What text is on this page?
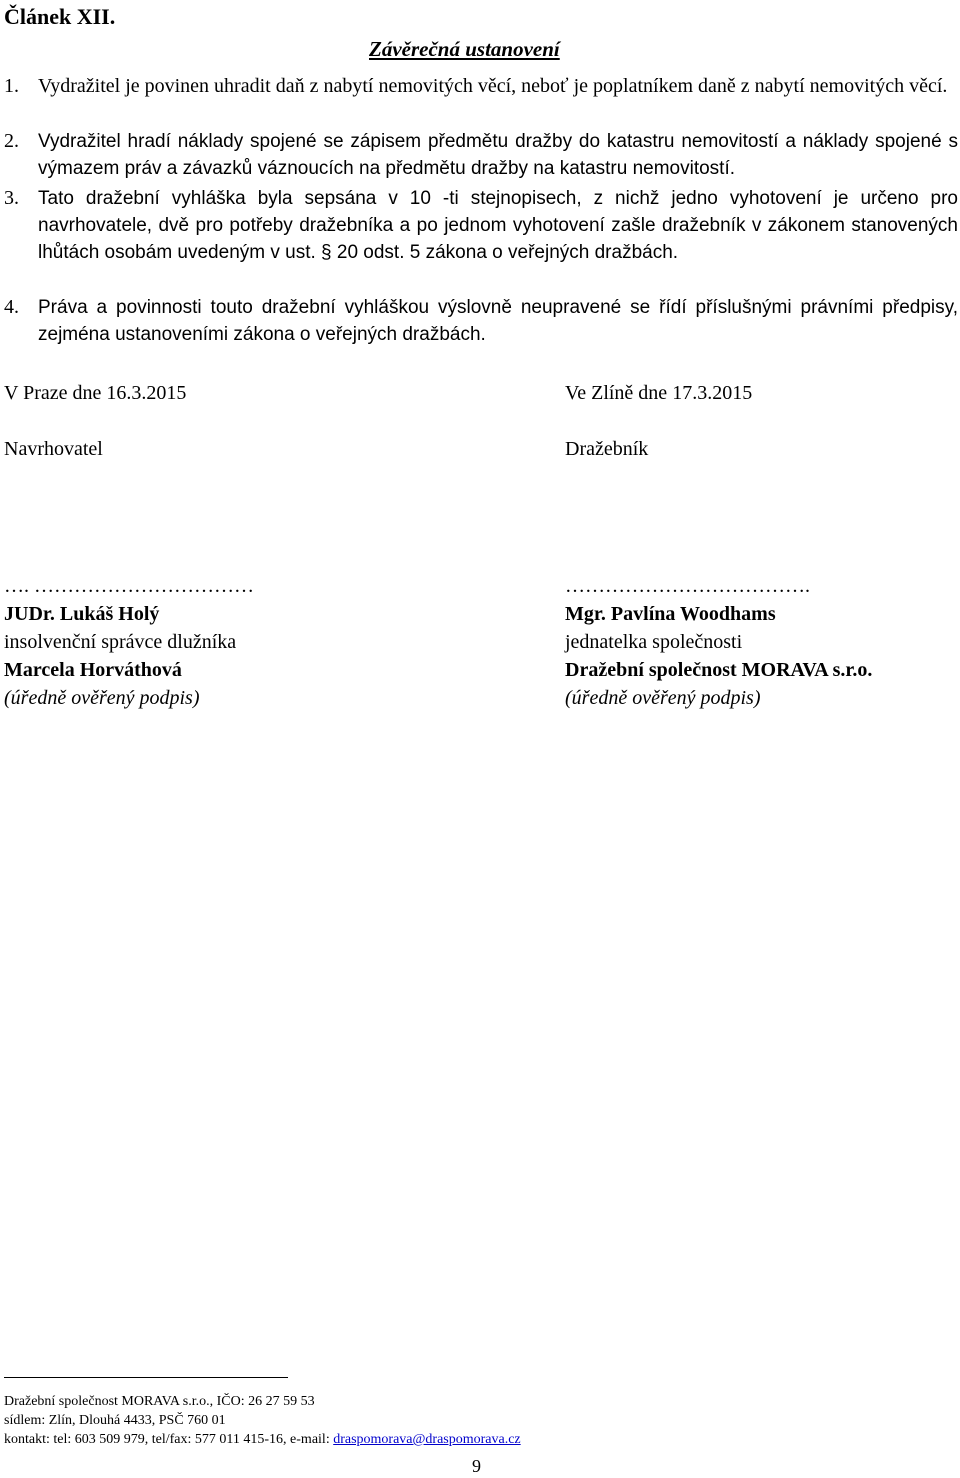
Článek XII.
Závěrečná ustanovení
1. Vydražitel je povinen uhradit daň z nabytí nemovitých věcí, neboť je poplatníkem daně z nabytí nemovitých věcí.
2. Vydražitel hradí náklady spojené se zápisem předmětu dražby do katastru nemovitostí a náklady spojené s výmazem práv a závazků váznoucích na předmětu dražby na katastru nemovitostí.
3. Tato dražební vyhláška byla sepsána v 10 -ti stejnopisech, z nichž jedno vyhotovení je určeno pro navrhovatele, dvě pro potřeby dražebníka a po jednom vyhotovení zašle dražebník v zákonem stanovených lhůtách osobám uvedeným v ust. § 20 odst. 5 zákona o veřejných dražbách.
4. Práva a povinnosti touto dražební vyhláškou výslovně neupravené se řídí příslušnými právními předpisy, zejména ustanoveními zákona o veřejných dražbách.
V Praze dne 16.3.2015	Ve Zlíně dne 17.3.2015
Navrhovatel	Dražebník
…. ……………………………
JUDr. Lukáš Holý
insolvenční správce dlužníka
Marcela Horváthová
(úředně ověřený podpis)
……………………………….
Mgr. Pavlína Woodhams
jednatelka společnosti
Dražební společnost MORAVA s.r.o.
(úředně ověřený podpis)
Dražební společnost MORAVA s.r.o., IČO: 26 27 59 53
sídlem: Zlín, Dlouhá 4433, PSČ 760 01
kontakt: tel: 603 509 979, tel/fax: 577 011 415-16, e-mail: draspomorava@draspomorava.cz
9
